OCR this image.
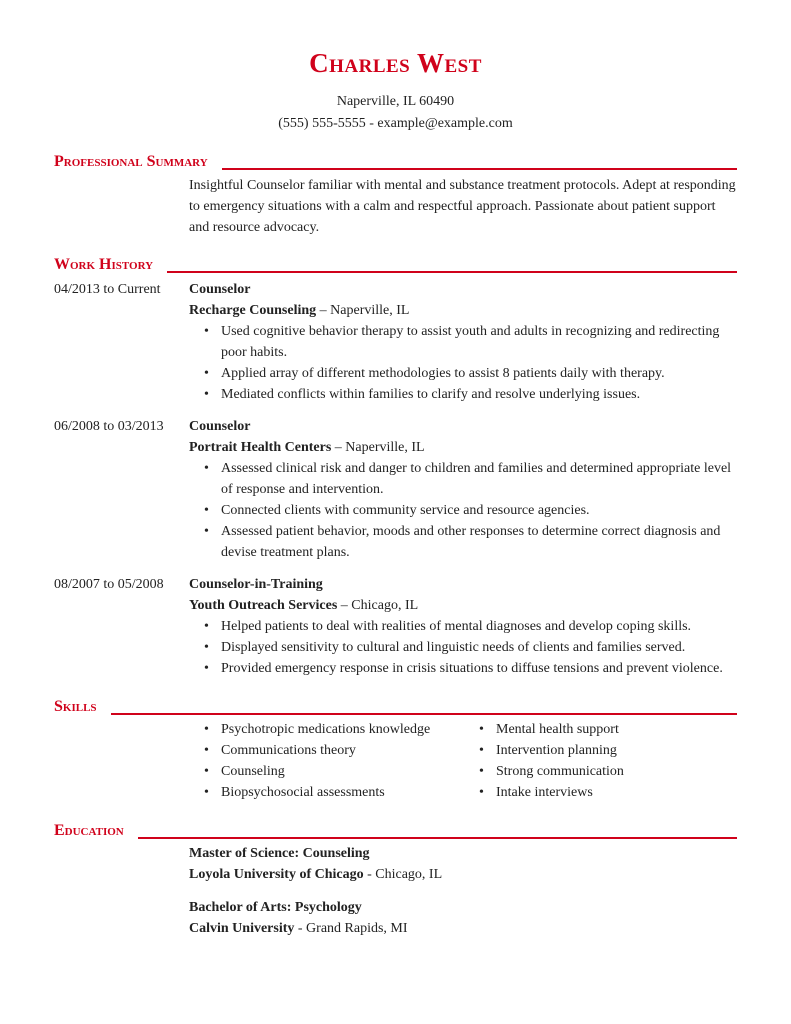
Charles West
Naperville, IL 60490
(555) 555-5555 - example@example.com
Professional Summary
Insightful Counselor familiar with mental and substance treatment protocols. Adept at responding to emergency situations with a calm and respectful approach. Passionate about patient support and resource advocacy.
Work History
04/2013 to Current Counselor
Recharge Counseling – Naperville, IL
• Used cognitive behavior therapy to assist youth and adults in recognizing and redirecting poor habits.
• Applied array of different methodologies to assist 8 patients daily with therapy.
• Mediated conflicts within families to clarify and resolve underlying issues.
06/2008 to 03/2013 Counselor
Portrait Health Centers – Naperville, IL
• Assessed clinical risk and danger to children and families and determined appropriate level of response and intervention.
• Connected clients with community service and resource agencies.
• Assessed patient behavior, moods and other responses to determine correct diagnosis and devise treatment plans.
08/2007 to 05/2008 Counselor-in-Training
Youth Outreach Services – Chicago, IL
• Helped patients to deal with realities of mental diagnoses and develop coping skills.
• Displayed sensitivity to cultural and linguistic needs of clients and families served.
• Provided emergency response in crisis situations to diffuse tensions and prevent violence.
Skills
• Psychotropic medications knowledge
• Communications theory
• Counseling
• Biopsychosocial assessments
• Mental health support
• Intervention planning
• Strong communication
• Intake interviews
Education
Master of Science: Counseling
Loyola University of Chicago - Chicago, IL
Bachelor of Arts: Psychology
Calvin University - Grand Rapids, MI
